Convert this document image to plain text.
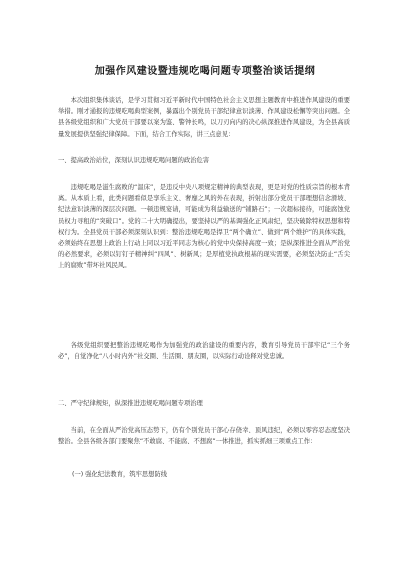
加强作风建设暨违规吃喝问题专项整治谈话提纲

本次组织集体谈话，是学习贯彻习近平新时代中国特色社会主义思想主题教育中推进作风建设的重要举措。刚才通报的违规吃喝典型案例，暴露出个别党员干部纪律意识淡薄、作风建设松懈等突出问题。全县各级党组织和广大党员干部要以案为鉴、警钟长鸣，以刀刃向内的决心纵深推进作风建设，为全县高质量发展提供坚强纪律保障。下面，结合工作实际，讲三点意见：

一、提高政治站位，深刻认识违规吃喝问题的政治危害

违规吃喝是滋生腐败的“温床”，是违反中央八项规定精神的典型表现，更是对党的性质宗旨的根本背离。从本质上看，此类问题看似是享乐主义、奢靡之风的外在表现，折射出部分党员干部理想信念滑坡、纪法意识淡薄的深层次问题。一顿违规宴请，可能成为利益输送的“铺路石”；一次超标接待，可能腐蚀党员权力寻租的“突破口”。党的二十大明确提出，要坚持以严的基调强化正风肃纪，坚决破除特权思想和特权行为。全县党员干部必须深刻认识到：整治违规吃喝是捍卫“两个确立”、做到“两个维护”的具体实践，必须始终在思想上政治上行动上同以习近平同志为核心的党中央保持高度一致；是纵深推进全面从严治党的必然要求，必须以钉钉子精神纠“四风”、树新风；是厚植党执政根基的现实需要，必须坚决防止“舌尖上的腐败”带坏社风民风。

各级党组织要把整治违规吃喝作为加强党的政治建设的重要内容，教育引导党员干部牢记“三个务必”，自觉净化“八小时内外”社交圈、生活圈、朋友圈，以实际行动诠释对党忠诚。

二、严守纪律规矩，纵深推进违规吃喝问题专项治理

当前，在全面从严治党高压态势下，仍有个别党员干部心存侥幸、顶风违纪，必须以零容忍态度坚决整治。全县各级各部门要聚焦“不敢腐、不能腐、不想腐”一体推进，抓实抓细三项重点工作：

(一) 强化纪法教育，筑牢思想防线
